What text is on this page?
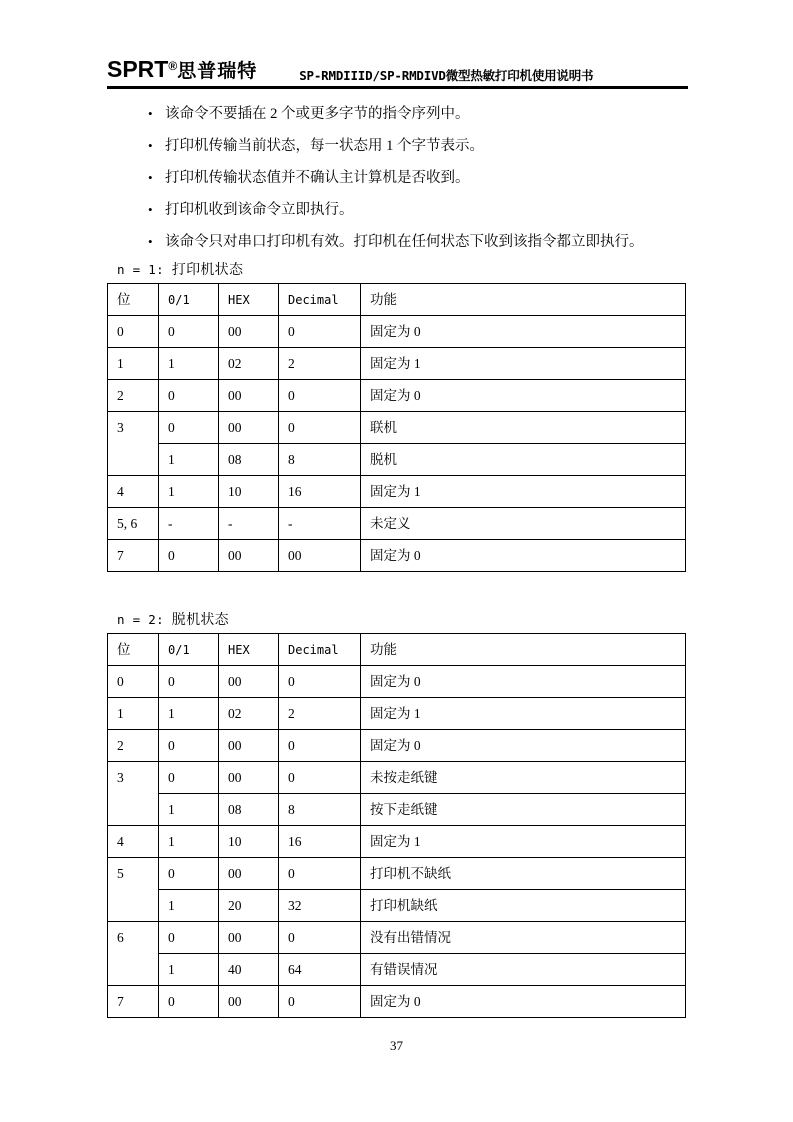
SPRT ® 思普瑞特	SP-RMDIIID/SP-RMDIVD微型热敏打印机使用说明书
• 该命令不要插在 2 个或更多字节的指令序列中。
• 打印机传输当前状态，每一状态用 1 个字节表示。
• 打印机传输状态值并不确认主计算机是否收到。
• 打印机收到该命令立即执行。
• 该命令只对串口打印机有效。打印机在任何状态下收到该指令都立即执行。
n = 1: 打印机状态
位	0/1	HEX	Decimal	功能
0	0	00	0	固定为 0
1	1	02	2	固定为 1
2	0	00	0	固定为 0
3	0	00	0	联机
	1	08	8	脱机
4	1	10	16	固定为 1
5, 6	-	-	-	未定义
7	0	00	00	固定为 0
n = 2: 脱机状态
位	0/1	HEX	Decimal	功能
0	0	00	0	固定为 0
1	1	02	2	固定为 1
2	0	00	0	固定为 0
3	0	00	0	未按走纸键
	1	08	8	按下走纸键
4	1	10	16	固定为 1
5	0	00	0	打印机不缺纸
	1	20	32	打印机缺纸
6	0	00	0	没有出错情况
	1	40	64	有错误情况
7	0	00	0	固定为 0
37
